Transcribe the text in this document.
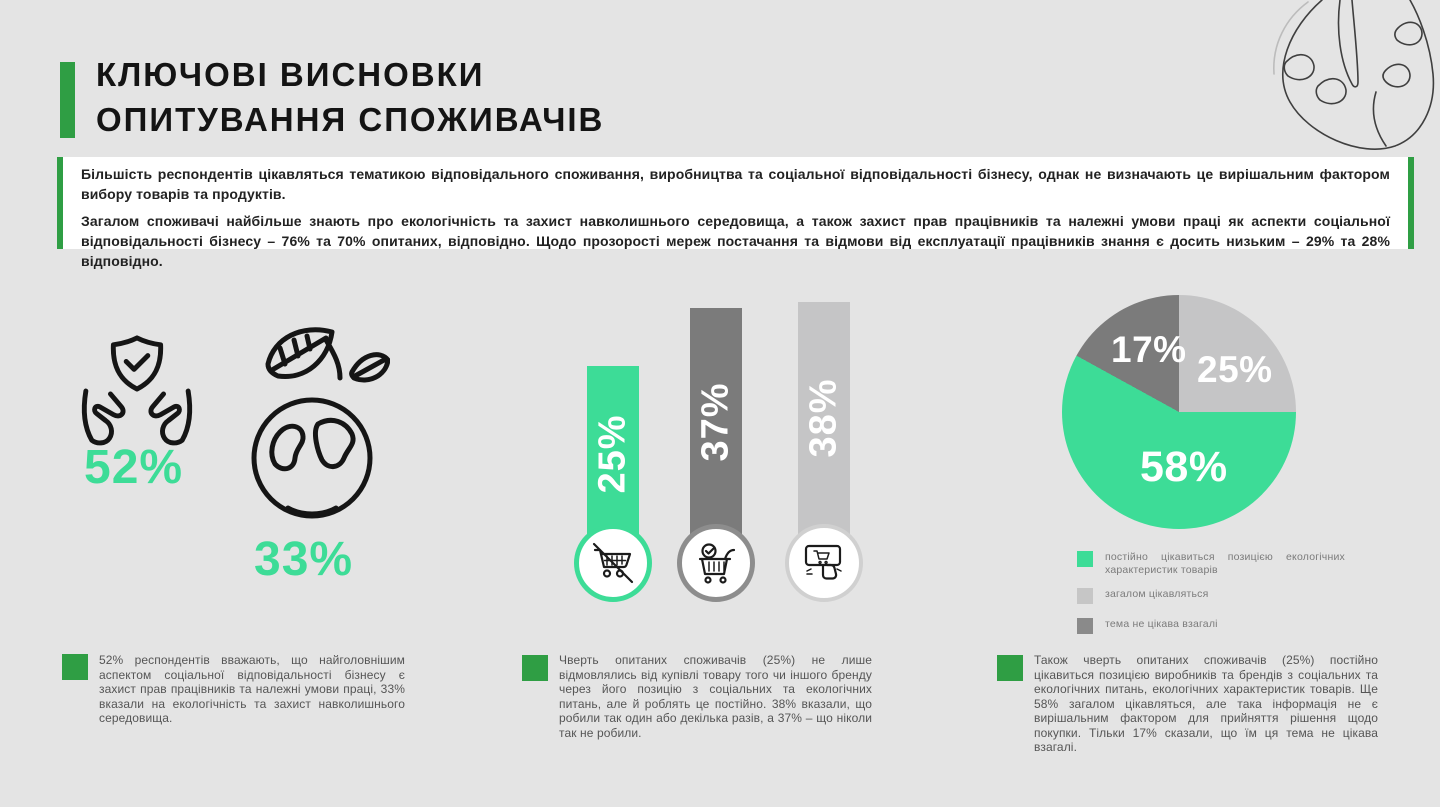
КЛЮЧОВІ ВИСНОВКИ
ОПИТУВАННЯ СПОЖИВАЧІВ

Більшість респондентів цікавляться тематикою відповідального споживання, виробництва та соціальної відповідальності бізнесу, однак не визначають це вирішальним фактором вибору товарів та продуктів.

Загалом споживачі найбільше знають про екологічність та захист навколишнього середовища, а також захист прав працівників та належні умови праці як аспекти соціальної відповідальності бізнесу – 76% та 70% опитаних, відповідно. Щодо прозорості мереж постачання та відмови від експлуатації працівників знання є досить низьким – 29% та 28% відповідно.

52%
33%
25% 37% 38%
25%
58%
17%
постійно цікавиться позицією екологічних характеристик товарів
загалом цікавляться
тема не цікава взагалі
52% респондентів вважають, що найголовнішим аспектом соціальної відповідальності бізнесу є захист прав працівників та належні умови праці, 33% вказали на екологічність та захист навколишнього середовища.
Чверть опитаних споживачів (25%) не лише відмовлялись від купівлі товару того чи іншого бренду через його позицію з соціальних та екологічних питань, але й роблять це постійно. 38% вказали, що робили так один або декілька разів, а 37% – що ніколи так не робили.
Також чверть опитаних споживачів (25%) постійно цікавиться позицією виробників та брендів з соціальних та екологічних питань, екологічних характеристик товарів. Ще 58% загалом цікавляться, але така інформація не є вирішальним фактором для прийняття рішення щодо покупки. Тільки 17% сказали, що їм ця тема не цікава взагалі.
